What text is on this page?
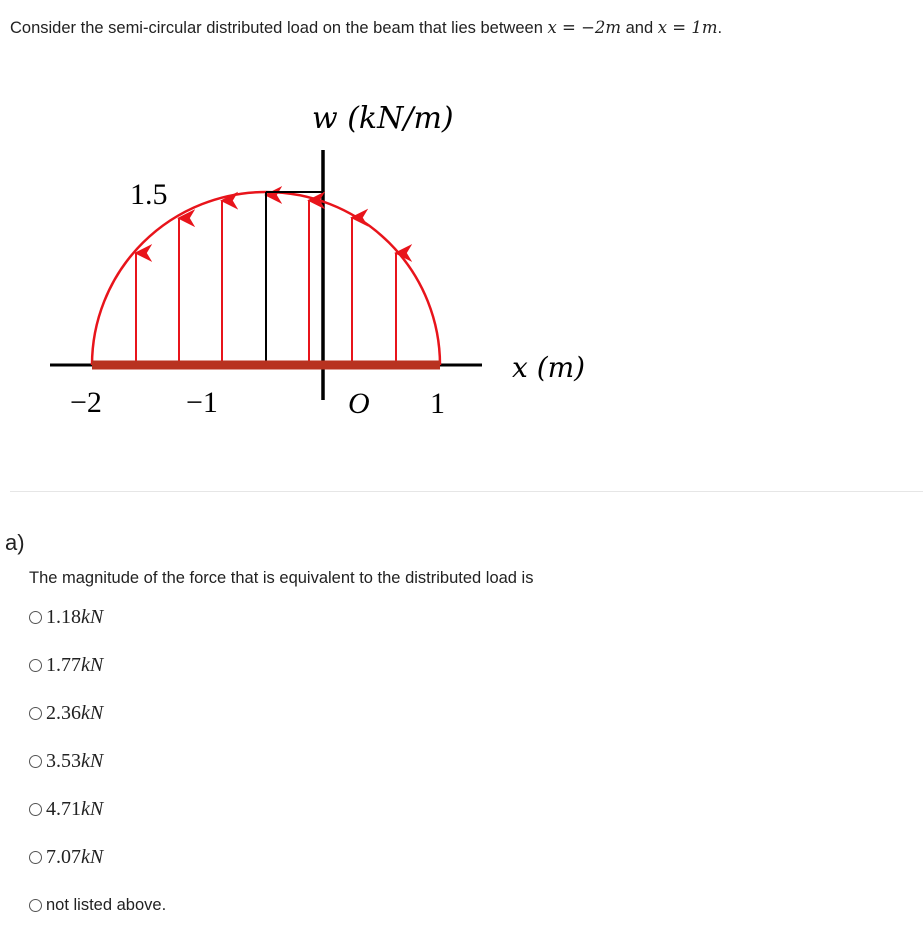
Consider the semi-circular distributed load on the beam that lies between x = −2m and x = 1m.
w (kN/m)
x (m)
1.5
−2	−1	O 1
a)
The magnitude of the force that is equivalent to the distributed load is
1.18kN
1.77kN
2.36kN
3.53kN
4.71kN
7.07kN
not listed above.
